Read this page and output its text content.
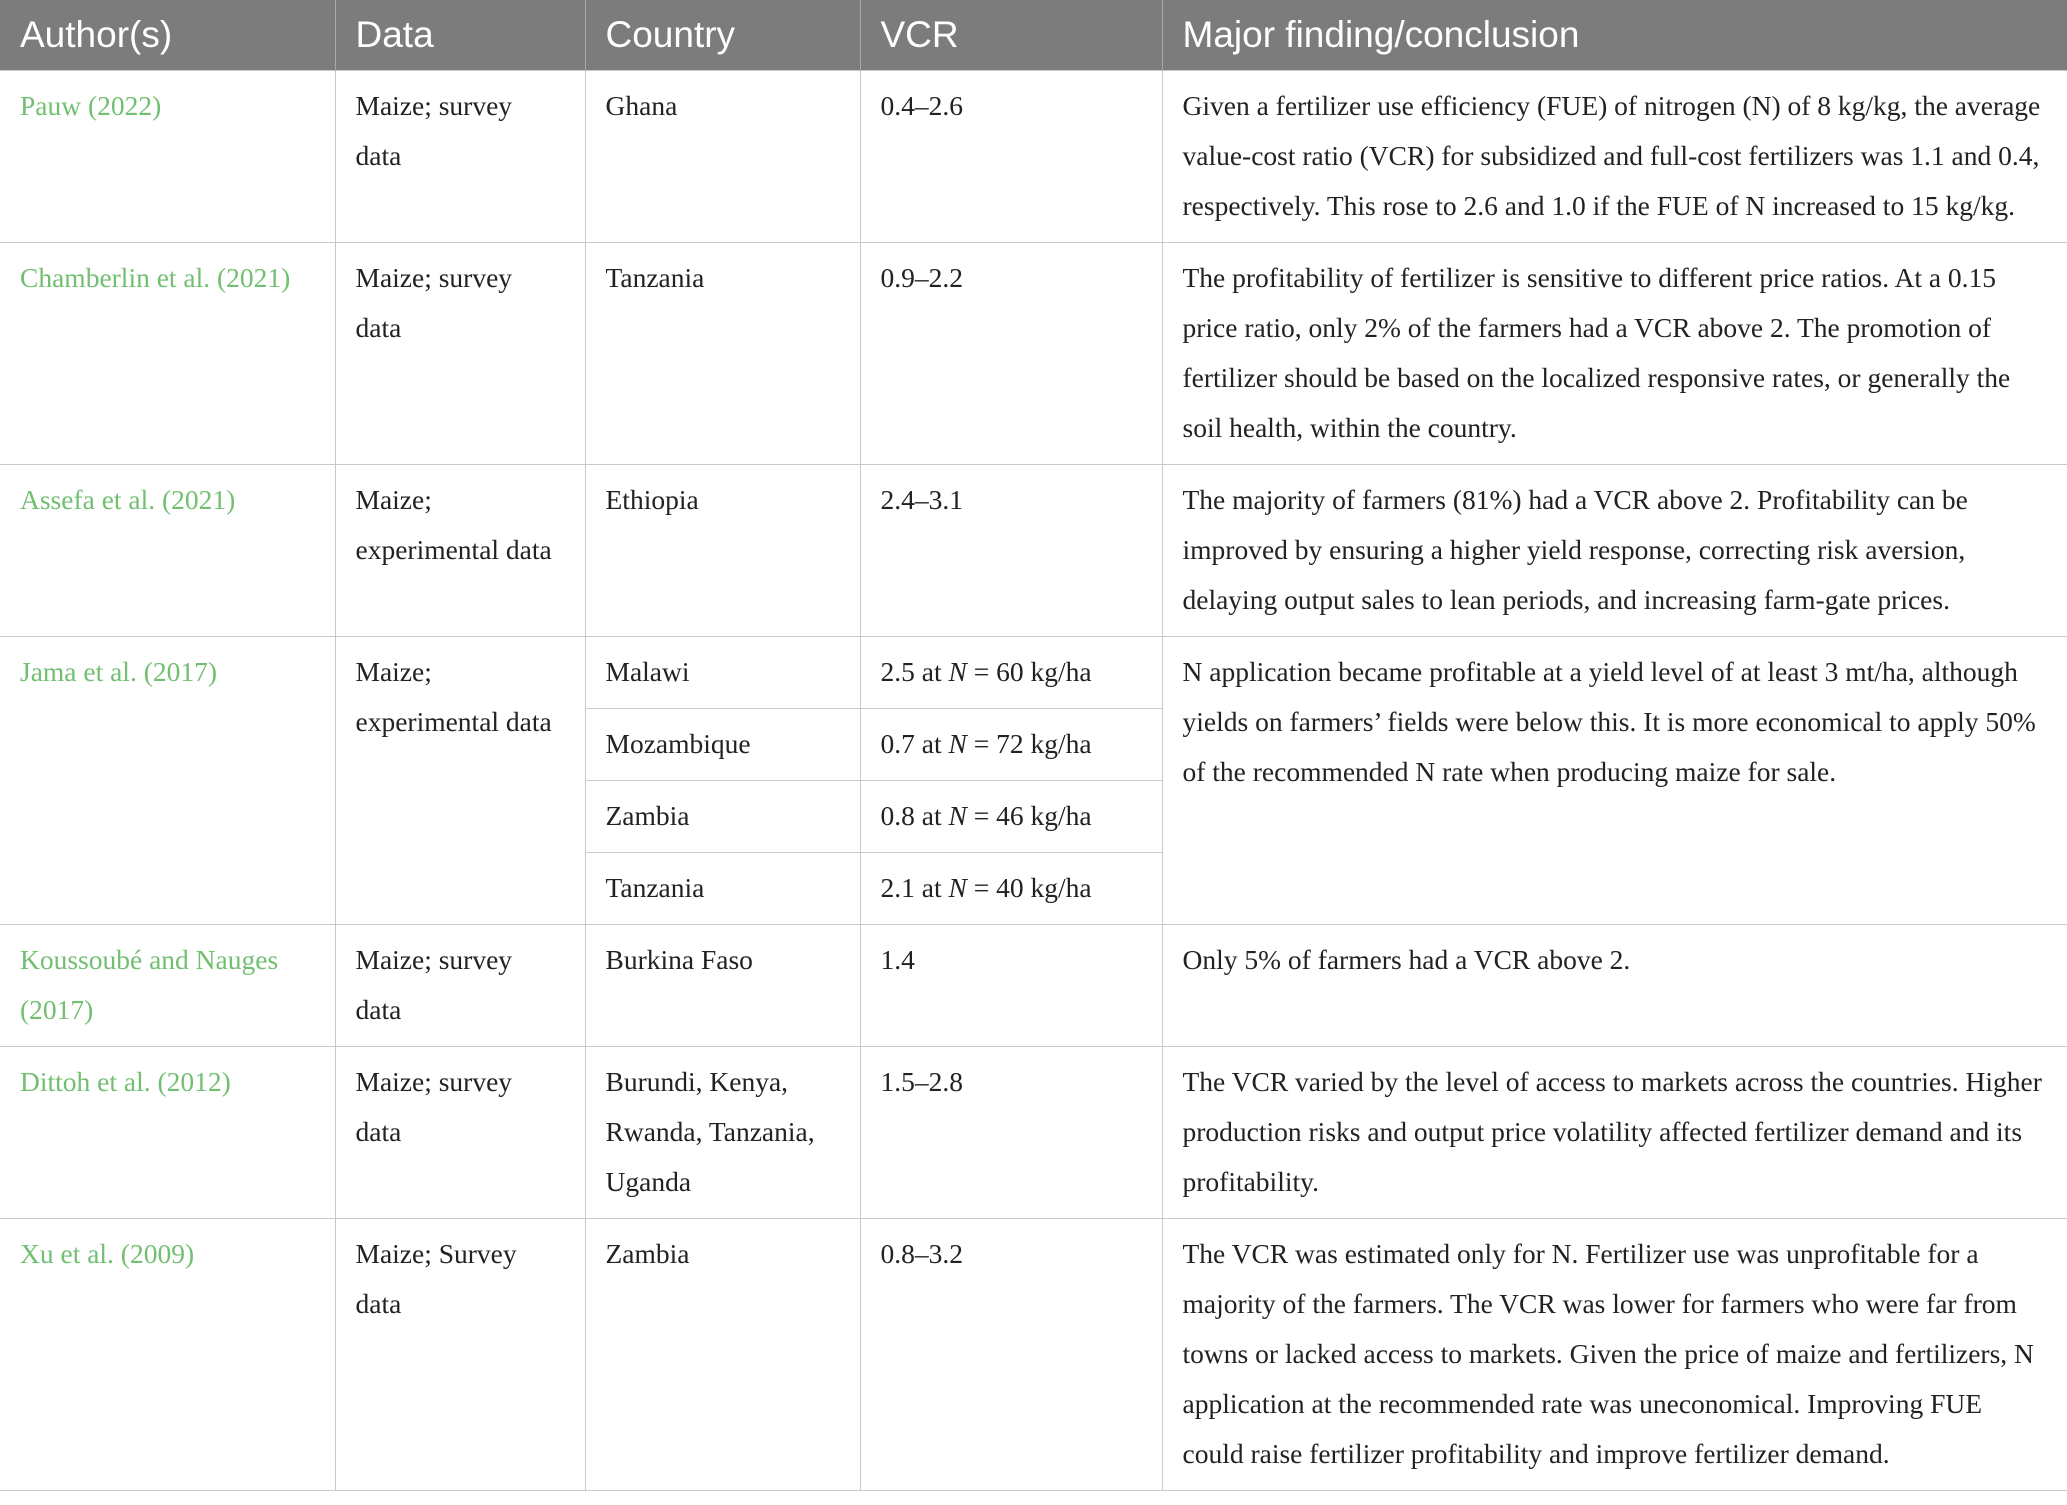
Author(s)	Data	Country	VCR	Major finding/conclusion
Pauw (2022)	Maize; survey data	Ghana	0.4–2.6	Given a fertilizer use efficiency (FUE) of nitrogen (N) of 8 kg/kg, the average value-cost ratio (VCR) for subsidized and full-cost fertilizers was 1.1 and 0.4, respectively. This rose to 2.6 and 1.0 if the FUE of N increased to 15 kg/kg.
Chamberlin et al. (2021)	Maize; survey data	Tanzania	0.9–2.2	The profitability of fertilizer is sensitive to different price ratios. At a 0.15 price ratio, only 2% of the farmers had a VCR above 2. The promotion of fertilizer should be based on the localized responsive rates, or generally the soil health, within the country.
Assefa et al. (2021)	Maize; experimental data	Ethiopia	2.4–3.1	The majority of farmers (81%) had a VCR above 2. Profitability can be improved by ensuring a higher yield response, correcting risk aversion, delaying output sales to lean periods, and increasing farm-gate prices.
Jama et al. (2017)	Maize; experimental data	Malawi	2.5 at N = 60 kg/ha	N application became profitable at a yield level of at least 3 mt/ha, although yields on farmers’ fields were below this. It is more economical to apply 50% of the recommended N rate when producing maize for sale.
		Mozambique	0.7 at N = 72 kg/ha	
		Zambia	0.8 at N = 46 kg/ha	
		Tanzania	2.1 at N = 40 kg/ha	
Koussoubé and Nauges (2017)	Maize; survey data	Burkina Faso	1.4	Only 5% of farmers had a VCR above 2.
Dittoh et al. (2012)	Maize; survey data	Burundi, Kenya, Rwanda, Tanzania, Uganda	1.5–2.8	The VCR varied by the level of access to markets across the countries. Higher production risks and output price volatility affected fertilizer demand and its profitability.
Xu et al. (2009)	Maize; Survey data	Zambia	0.8–3.2	The VCR was estimated only for N. Fertilizer use was unprofitable for a majority of the farmers. The VCR was lower for farmers who were far from towns or lacked access to markets. Given the price of maize and fertilizers, N application at the recommended rate was uneconomical. Improving FUE could raise fertilizer profitability and improve fertilizer demand.
